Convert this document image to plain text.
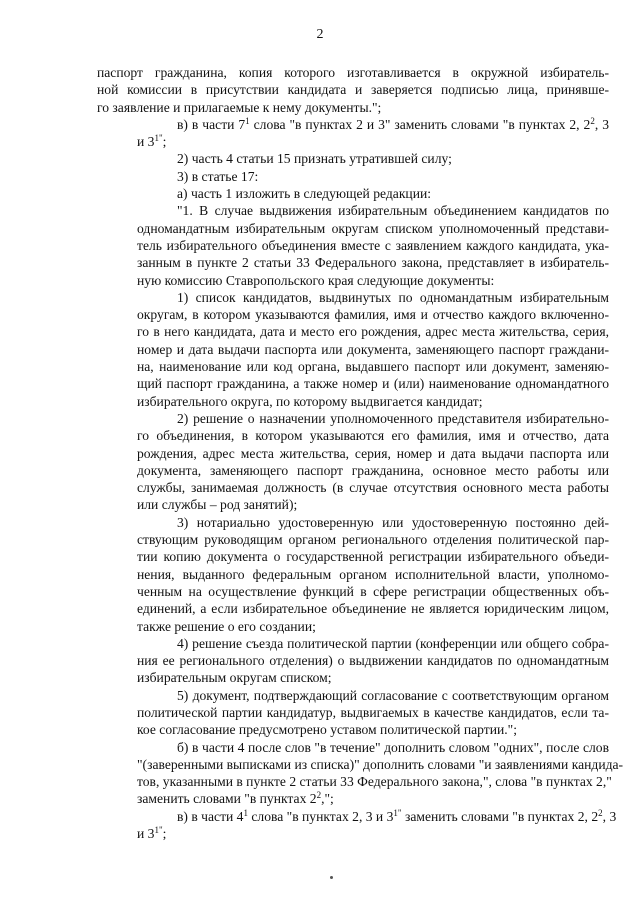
2

паспорт гражданина, копия которого изготавливается в окружной избиратель-
ной комиссии в присутствии кандидата и заверяется подписью лица, принявше-
го заявление и прилагаемые к нему документы.";

в) в части $7^1$ слова "в пунктах 2 и 3" заменить словами "в пунктах 2, $2^2$, 3
и $3^{1"}$;

2) часть 4 статьи 15 признать утратившей силу;

3) в статье 17:

а) часть 1 изложить в следующей редакции:

"1. В случае выдвижения избирательным объединением кандидатов по
одномандатным избирательным округам списком уполномоченный представи-
тель избирательного объединения вместе с заявлением каждого кандидата, ука-
занным в пункте 2 статьи 33 Федерального закона, представляет в избиратель-
ную комиссию Ставропольского края следующие документы:

1) список кандидатов, выдвинутых по одномандатным избирательным
округам, в котором указываются фамилия, имя и отчество каждого включенно-
го в него кандидата, дата и место его рождения, адрес места жительства, серия,
номер и дата выдачи паспорта или документа, заменяющего паспорт граждани-
на, наименование или код органа, выдавшего паспорт или документ, заменяю-
щий паспорт гражданина, а также номер и (или) наименование одномандатного
избирательного округа, по которому выдвигается кандидат;

2) решение о назначении уполномоченного представителя избирательно-
го объединения, в котором указываются его фамилия, имя и отчество, дата
рождения, адрес места жительства, серия, номер и дата выдачи паспорта или
документа, заменяющего паспорт гражданина, основное место работы или
службы, занимаемая должность (в случае отсутствия основного места работы
или службы – род занятий);

3) нотариально удостоверенную или удостоверенную постоянно дей-
ствующим руководящим органом регионального отделения политической пар-
тии копию документа о государственной регистрации избирательного объеди-
нения, выданного федеральным органом исполнительной власти, уполномо-
ченным на осуществление функций в сфере регистрации общественных объ-
единений, а если избирательное объединение не является юридическим лицом,
также решение о его создании;

4) решение съезда политической партии (конференции или общего собра-
ния ее регионального отделения) о выдвижении кандидатов по одномандатным
избирательным округам списком;

5) документ, подтверждающий согласование с соответствующим органом
политической партии кандидатур, выдвигаемых в качестве кандидатов, если та-
кое согласование предусмотрено уставом политической партии.";

б) в части 4 после слов "в течение" дополнить словом "одних", после слов
"(заверенными выписками из списка)" дополнить словами "и заявлениями кандида-
тов, указанными в пункте 2 статьи 33 Федерального закона,", слова "в пунктах 2,"
заменить словами "в пунктах $2^2$,";

в) в части $4^1$ слова "в пунктах 2, 3 и $3^{1"}$ заменить словами "в пунктах 2, $2^2$, 3
и $3^{1"}$;
